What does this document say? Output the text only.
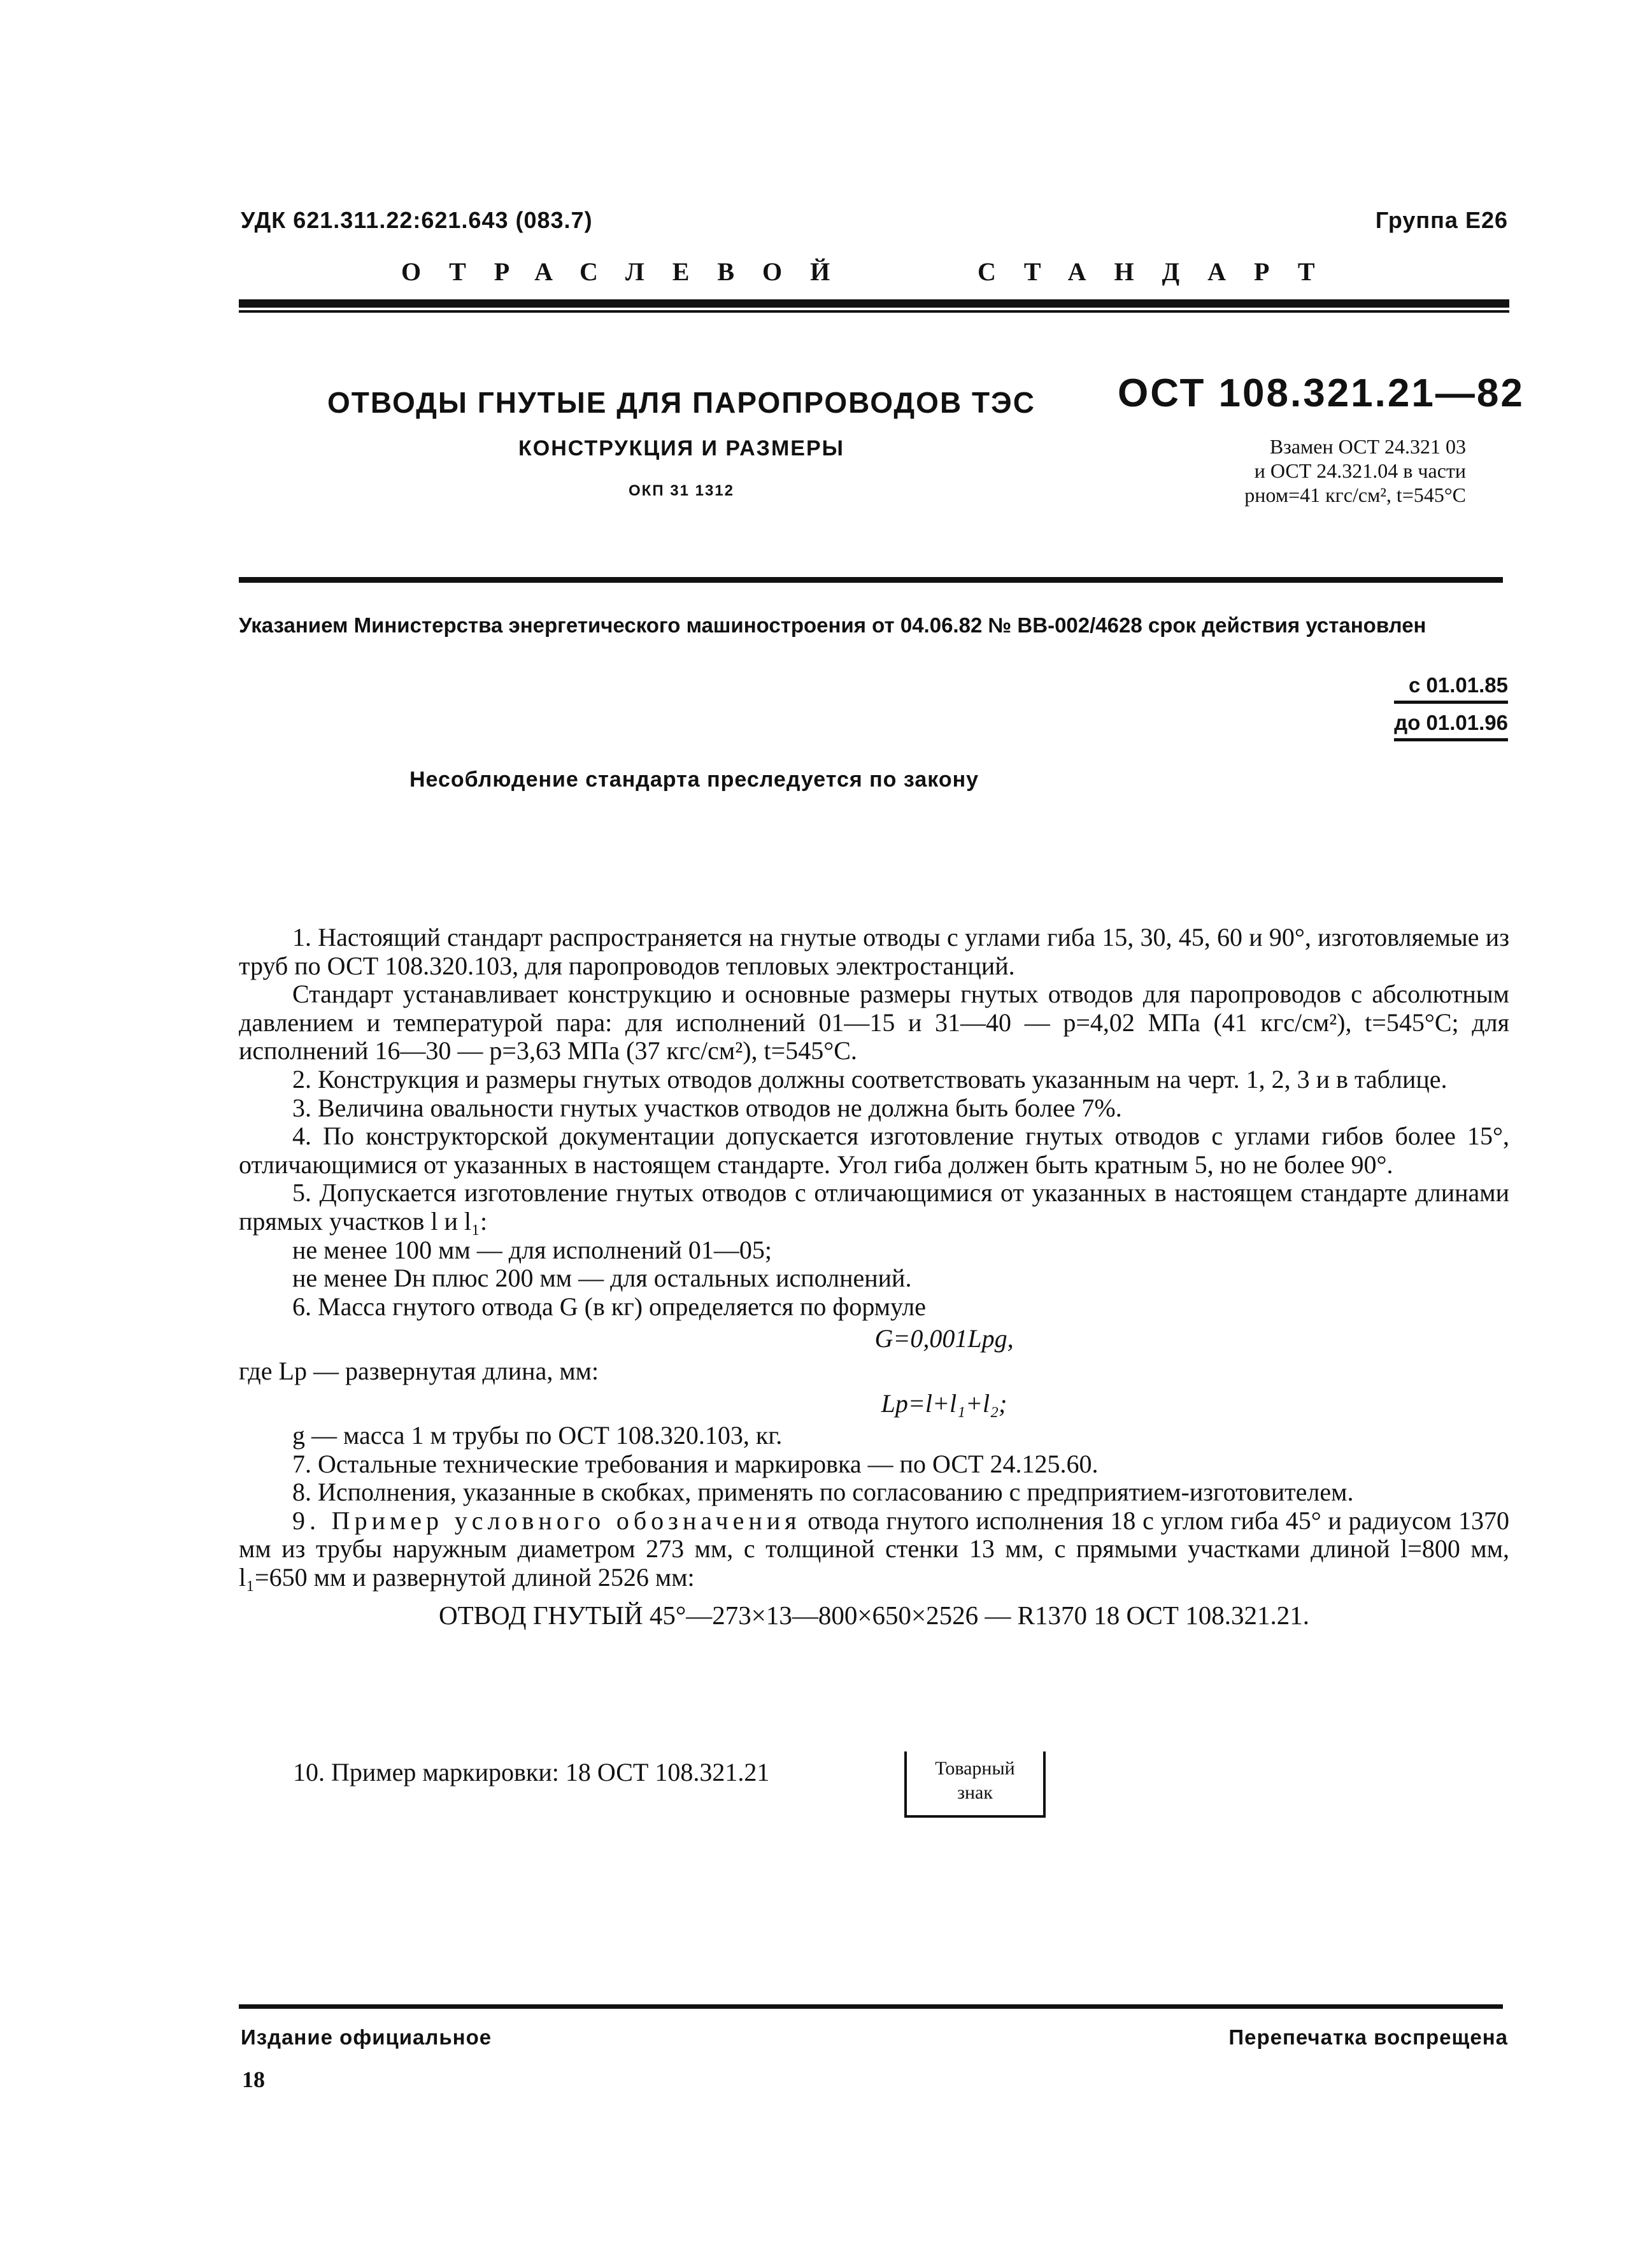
УДК 621.311.22:621.643 (083.7)	Группа Е26
ОТРАСЛЕВОЙ	СТАНДАРТ
ОТВОДЫ ГНУТЫЕ ДЛЯ ПАРОПРОВОДОВ ТЭС
КОНСТРУКЦИЯ И РАЗМЕРЫ
ОКП 31 1312
ОСТ 108.321.21—82
Взамен ОСТ 24.321 03
и ОСТ 24.321.04 в части
pном=41 кгс/см², t=545°С
Указанием Министерства энергетического машиностроения от 04.06.82 № ВВ-002/4628 срок действия установлен
с 01.01.85
до 01.01.96
Несоблюдение стандарта преследуется по закону

1. Настоящий стандарт распространяется на гнутые отводы с углами гиба 15, 30, 45, 60 и 90°, изготовляемые из труб по ОСТ 108.320.103, для паропроводов тепловых электростанций.

Стандарт устанавливает конструкцию и основные размеры гнутых отводов для паропроводов с абсолютным давлением и температурой пара: для исполнений 01—15 и 31—40 — p=4,02 МПа (41 кгс/см²), t=545°С; для исполнений 16—30 — p=3,63 МПа (37 кгс/см²), t=545°С.

2. Конструкция и размеры гнутых отводов должны соответствовать указанным на черт. 1, 2, 3 и в таблице.

3. Величина овальности гнутых участков отводов не должна быть более 7%.

4. По конструкторской документации допускается изготовление гнутых отводов с углами гибов более 15°, отличающимися от указанных в настоящем стандарте. Угол гиба должен быть кратным 5, но не более 90°.

5. Допускается изготовление гнутых отводов с отличающимися от указанных в настоящем стандарте длинами прямых участков l и l₁:

не менее 100 мм — для исполнений 01—05;

не менее Dн плюс 200 мм — для остальных исполнений.

6. Масса гнутого отвода G (в кг) определяется по формуле

G=0,001Lрg,

где Lр — развернутая длина, мм:

Lр=l+l₁+l₂;

g — масса 1 м трубы по ОСТ 108.320.103, кг.

7. Остальные технические требования и маркировка — по ОСТ 24.125.60.

8. Исполнения, указанные в скобках, применять по согласованию с предприятием-изготовителем.

9. Пример условного обозначения отвода гнутого исполнения 18 с углом гиба 45° и радиусом 1370 мм из трубы наружным диаметром 273 мм, с толщиной стенки 13 мм, с прямыми участками длиной l=800 мм, l₁=650 мм и развернутой длиной 2526 мм:

ОТВОД ГНУТЫЙ 45°—273×13—800×650×2526 — R1370 18 ОСТ 108.321.21.

10. Пример маркировки: 18 ОСТ 108.321.21	Товарный
знак
Издание официальное	Перепечатка воспрещена
18
